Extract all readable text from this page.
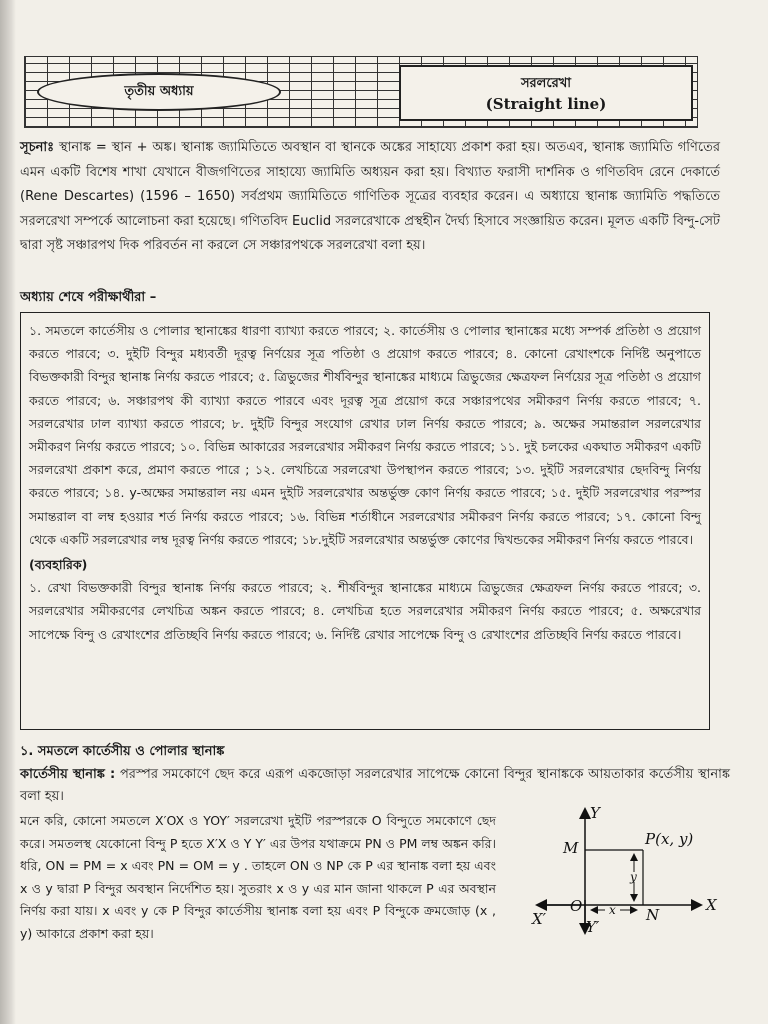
তৃতীয় অধ্যায়
সরলরেখা
(Straight line)
সূচনাঃ স্থানাঙ্ক = স্থান + অঙ্ক। স্থানাঙ্ক জ্যামিতিতে অবস্থান বা স্থানকে অঙ্কের সাহায্যে প্রকাশ করা হয়। অতএব, স্থানাঙ্ক জ্যামিতি গণিতের এমন একটি বিশেষ শাখা যেখানে বীজগণিতের সাহায্যে জ্যামিতি অধ্যয়ন করা হয়। বিখ্যাত ফরাসী দার্শনিক ও গণিতবিদ রেনে দেকার্তে (Rene Descartes) (1596 – 1650) সর্বপ্রথম জ্যামিতিতে গাণিতিক সূত্রের ব্যবহার করেন। এ অধ্যায়ে স্থানাঙ্ক জ্যামিতি পদ্ধতিতে সরলরেখা সম্পর্কে আলোচনা করা হয়েছে। গণিতবিদ Euclid সরলরেখাকে প্রস্থহীন দৈর্ঘ্য হিসাবে সংজ্ঞায়িত করেন। মূলত একটি বিন্দু-সেট দ্বারা সৃষ্ট সঞ্চারপথ দিক পরিবর্তন না করলে সে সঞ্চারপথকে সরলরেখা বলা হয়।
অধ্যায় শেষে পরীক্ষার্থীরা –
১. সমতলে কার্তেসীয় ও পোলার স্থানাঙ্কের ধারণা ব্যাখ্যা করতে পারবে; ২. কার্তেসীয় ও পোলার স্থানাঙ্কের মধ্যে সম্পর্ক প্রতিষ্ঠা ও প্রয়োগ করতে পারবে; ৩. দুইটি বিন্দুর মধ্যবর্তী দূরত্ব নির্ণয়ের সূত্র পতিষ্ঠা ও প্রয়োগ করতে পারবে; ৪. কোনো রেখাংশকে নির্দিষ্ট অনুপাতে বিভক্তকারী বিন্দুর স্থানাঙ্ক নির্ণয় করতে পারবে; ৫. ত্রিভুজের শীর্ষবিন্দুর স্থানাঙ্কের মাধ্যমে ত্রিভুজের ক্ষেত্রফল নির্ণয়ের সূত্র পতিষ্ঠা ও প্রয়োগ করতে পারবে; ৬. সঞ্চারপথ কী ব্যাখ্যা করতে পারবে এবং দূরত্ব সূত্র প্রয়োগ করে সঞ্চারপথের সমীকরণ নির্ণয় করতে পারবে; ৭. সরলরেখার ঢাল ব্যাখ্যা করতে পারবে; ৮. দুইটি বিন্দুর সংযোগ রেখার ঢাল নির্ণয় করতে পারবে; ৯. অক্ষের সমান্তরাল সরলরেখার সমীকরণ নির্ণয় করতে পারবে; ১০. বিভিন্ন আকারের সরলরেখার সমীকরণ নির্ণয় করতে পারবে; ১১. দুই চলকের একঘাত সমীকরণ একটি সরলরেখা প্রকাশ করে, প্রমাণ করতে পারে ; ১২. লেখচিত্রে সরলরেখা উপস্থাপন করতে পারবে; ১৩. দুইটি সরলরেখার ছেদবিন্দু নির্ণয় করতে পারবে; ১৪. y-অক্ষের সমান্তরাল নয় এমন দুইটি সরলরেখার অন্তর্ভুক্ত কোণ নির্ণয় করতে পারবে; ১৫. দুইটি সরলরেখার পরস্পর সমান্তরাল বা লম্ব হওয়ার শর্ত নির্ণয় করতে পারবে; ১৬. বিভিন্ন শর্তাধীনে সরলরেখার সমীকরণ নির্ণয় করতে পারবে; ১৭. কোনো বিন্দু থেকে একটি সরলরেখার লম্ব দূরত্ব নির্ণয় করতে পারবে; ১৮.দুইটি সরলরেখার অন্তর্ভুক্ত কোণের দ্বিখন্ডকের সমীকরণ নির্ণয় করতে পারবে।
(ব্যবহারিক)
১. রেখা বিভক্তকারী বিন্দুর স্থানাঙ্ক নির্ণয় করতে পারবে; ২. শীর্ষবিন্দুর স্থানাঙ্কের মাধ্যমে ত্রিভুজের ক্ষেত্রফল নির্ণয় করতে পারবে; ৩. সরলরেখার সমীকরণের লেখচিত্র অঙ্কন করতে পারবে; ৪. লেখচিত্র হতে সরলরেখার সমীকরণ নির্ণয় করতে পারবে; ৫. অক্ষরেখার সাপেক্ষে বিন্দু ও রেখাংশের প্রতিচ্ছবি নির্ণয় করতে পারবে; ৬. নির্দিষ্ট রেখার সাপেক্ষে বিন্দু ও রেখাংশের প্রতিচ্ছবি নির্ণয় করতে পারবে।
১. সমতলে কার্তেসীয় ও পোলার স্থানাঙ্ক
কার্তেসীয় স্থানাঙ্ক : পরস্পর সমকোণে ছেদ করে এরূপ একজোড়া সরলরেখার সাপেক্ষে কোনো বিন্দুর স্থানাঙ্ককে আয়তাকার কর্তেসীয় স্থানাঙ্ক বলা হয়।
মনে করি, কোনো সমতলে X′OX ও YOY′ সরলরেখা দুইটি পরস্পরকে O বিন্দুতে সমকোণে ছেদ করে। সমতলস্থ যেকোনো বিন্দু P হতে X′X ও Y Y′ এর উপর যথাক্রমে PN ও PM লম্ব অঙ্কন করি। ধরি, ON = PM = x এবং PN = OM = y . তাহলে ON ও NP কে P এর স্থানাঙ্ক বলা হয় এবং x ও y দ্বারা P বিন্দুর অবস্থান নির্দেশিত হয়। সুতরাং x ও y এর মান জানা থাকলে P এর অবস্থান নির্ণয় করা যায়। x এবং y কে P বিন্দুর কার্তেসীয় স্থানাঙ্ক বলা হয় এবং P বিন্দুকে ক্রমজোড় (x , y) আকারে প্রকাশ করা হয়।
Y
Y′
X
X′
O	N
M	P(x, y)
x
y
